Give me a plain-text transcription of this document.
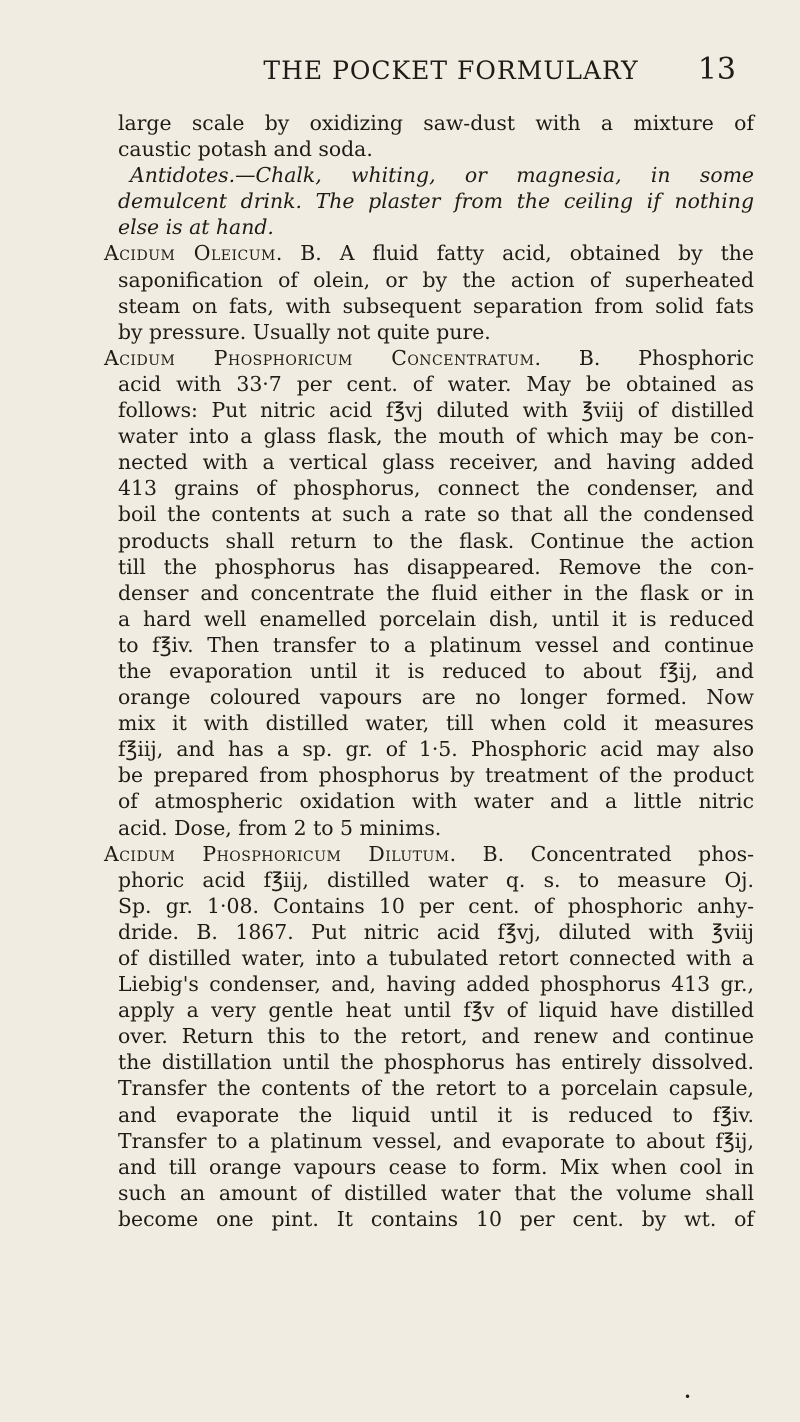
THE POCKET FORMULARY	13
large scale by oxidizing saw-dust with a mixture of
caustic potash and soda.
Antidotes.—Chalk, whiting, or magnesia, in some
demulcent drink. The plaster from the ceiling if nothing
else is at hand.
Acidum Oleicum. B. A fluid fatty acid, obtained by the
saponification of olein, or by the action of superheated
steam on fats, with subsequent separation from solid fats
by pressure. Usually not quite pure.
Acidum Phosphoricum Concentratum. B. Phosphoric
acid with 33·7 per cent. of water. May be obtained as
follows: Put nitric acid f℥vj diluted with ℥viij of distilled
water into a glass flask, the mouth of which may be con-
nected with a vertical glass receiver, and having added
413 grains of phosphorus, connect the condenser, and
boil the contents at such a rate so that all the condensed
products shall return to the flask. Continue the action
till the phosphorus has disappeared. Remove the con-
denser and concentrate the fluid either in the flask or in
a hard well enamelled porcelain dish, until it is reduced
to f℥iv. Then transfer to a platinum vessel and continue
the evaporation until it is reduced to about f℥ij, and
orange coloured vapours are no longer formed. Now
mix it with distilled water, till when cold it measures
f℥iij, and has a sp. gr. of 1·5. Phosphoric acid may also
be prepared from phosphorus by treatment of the product
of atmospheric oxidation with water and a little nitric
acid. Dose, from 2 to 5 minims.
Acidum Phosphoricum Dilutum. B. Concentrated phos-
phoric acid f℥iij, distilled water q. s. to measure Oj.
Sp. gr. 1·08. Contains 10 per cent. of phosphoric anhy-
dride. B. 1867. Put nitric acid f℥vj, diluted with ℥viij
of distilled water, into a tubulated retort connected with a
Liebig's condenser, and, having added phosphorus 413 gr.,
apply a very gentle heat until f℥v of liquid have distilled
over. Return this to the retort, and renew and continue
the distillation until the phosphorus has entirely dissolved.
Transfer the contents of the retort to a porcelain capsule,
and evaporate the liquid until it is reduced to f℥iv.
Transfer to a platinum vessel, and evaporate to about f℥ij,
and till orange vapours cease to form. Mix when cool in
such an amount of distilled water that the volume shall
become one pint. It contains 10 per cent. by wt. of
•
